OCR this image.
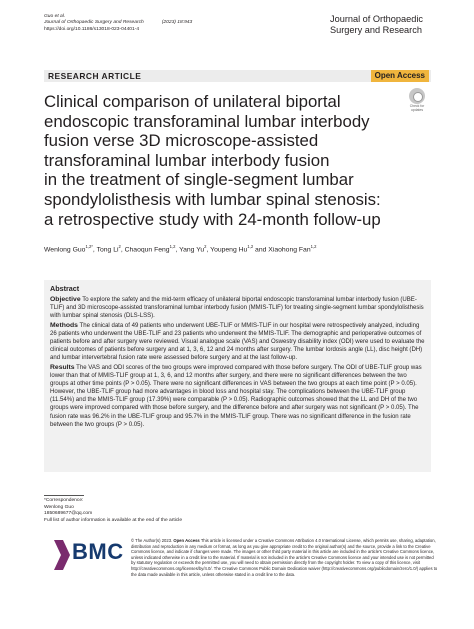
Guo et al.
Journal of Orthopaedic Surgery and Research	(2023) 18:943
https://doi.org/10.1186/s13018-023-04401-4
Journal of Orthopaedic
Surgery and Research
RESEARCH ARTICLE	Open Access
Check for
updates
Clinical comparison of unilateral biportal
endoscopic transforaminal lumbar interbody
fusion verse 3D microscope-assisted
transforaminal lumbar interbody fusion
in the treatment of single-segment lumbar
spondylolisthesis with lumbar spinal stenosis:
a retrospective study with 24-month follow-up
Wenlong Guo$^{1,2*}$, Tong Li$^2$, Chaoqun Feng$^{1,2}$, Yang Yu$^2$, Youpeng Hu$^{1,2}$ and Xiaohong Fan$^{1,2}$
Abstract

Objective To explore the safety and the mid-term efficacy of unilateral biportal endoscopic transforaminal lumbar interbody fusion (UBE-TLIF) and 3D microscope-assisted transforaminal lumbar interbody fusion (MMIS-TLIF) for treating single-segment lumbar spondylolisthesis with lumbar spinal stenosis (DLS-LSS).

Methods The clinical data of 49 patients who underwent UBE-TLIF or MMIS-TLIF in our hospital were retrospectively analyzed, including 26 patients who underwent the UBE-TLIF and 23 patients who underwent the MMIS-TLIF. The demographic and perioperative outcomes of patients before and after surgery were reviewed. Visual analogue scale (VAS) and Oswestry disability index (ODI) were used to evaluate the clinical outcomes of patients before surgery and at 1, 3, 6, 12 and 24 months after surgery. The lumbar lordosis angle (LL), disc height (DH) and lumbar intervertebral fusion rate were assessed before surgery and at the last follow-up.

Results The VAS and ODI scores of the two groups were improved compared with those before surgery. The ODI of UBE-TLIF group was lower than that of MMIS-TLIF group at 1, 3, 6, and 12 months after surgery, and there were no significant differences between the two groups at other time points (P > 0.05). There were no significant differences in VAS between the two groups at each time point (P > 0.05). However, the UBE-TLIF group had more advantages in blood loss and hospital stay. The complications between the UBE-TLIF group (11.54%) and the MMIS-TLIF group (17.39%) were comparable (P > 0.05). Radiographic outcomes showed that the LL and DH of the two groups were improved compared with those before surgery, and the difference before and after surgery was not significant (P > 0.05). The fusion rate was 96.2% in the UBE-TLIF group and 95.7% in the MMIS-TLIF group. There was no significant difference in the fusion rate between the two groups (P > 0.05).

*Correspondence:
Wenlong Guo
1850689677@qq.com
Full list of author information is available at the end of the article
BMC © The Author(s) 2023. Open Access This article is licensed under a Creative Commons Attribution 4.0 International License, which permits use, sharing, adaptation, distribution and reproduction in any medium or format, as long as you give appropriate credit to the original author(s) and the source, provide a link to the Creative Commons licence, and indicate if changes were made. The images or other third party material in this article are included in the article's Creative Commons licence, unless indicated otherwise in a credit line to the material. If material is not included in the article's Creative Commons licence and your intended use is not permitted by statutory regulation or exceeds the permitted use, you will need to obtain permission directly from the copyright holder. To view a copy of this licence, visit http://creativecommons.org/licenses/by/4.0/. The Creative Commons Public Domain Dedication waiver (http://creativecommons.org/publicdomain/zero/1.0/) applies to the data made available in this article, unless otherwise stated in a credit line to the data.
